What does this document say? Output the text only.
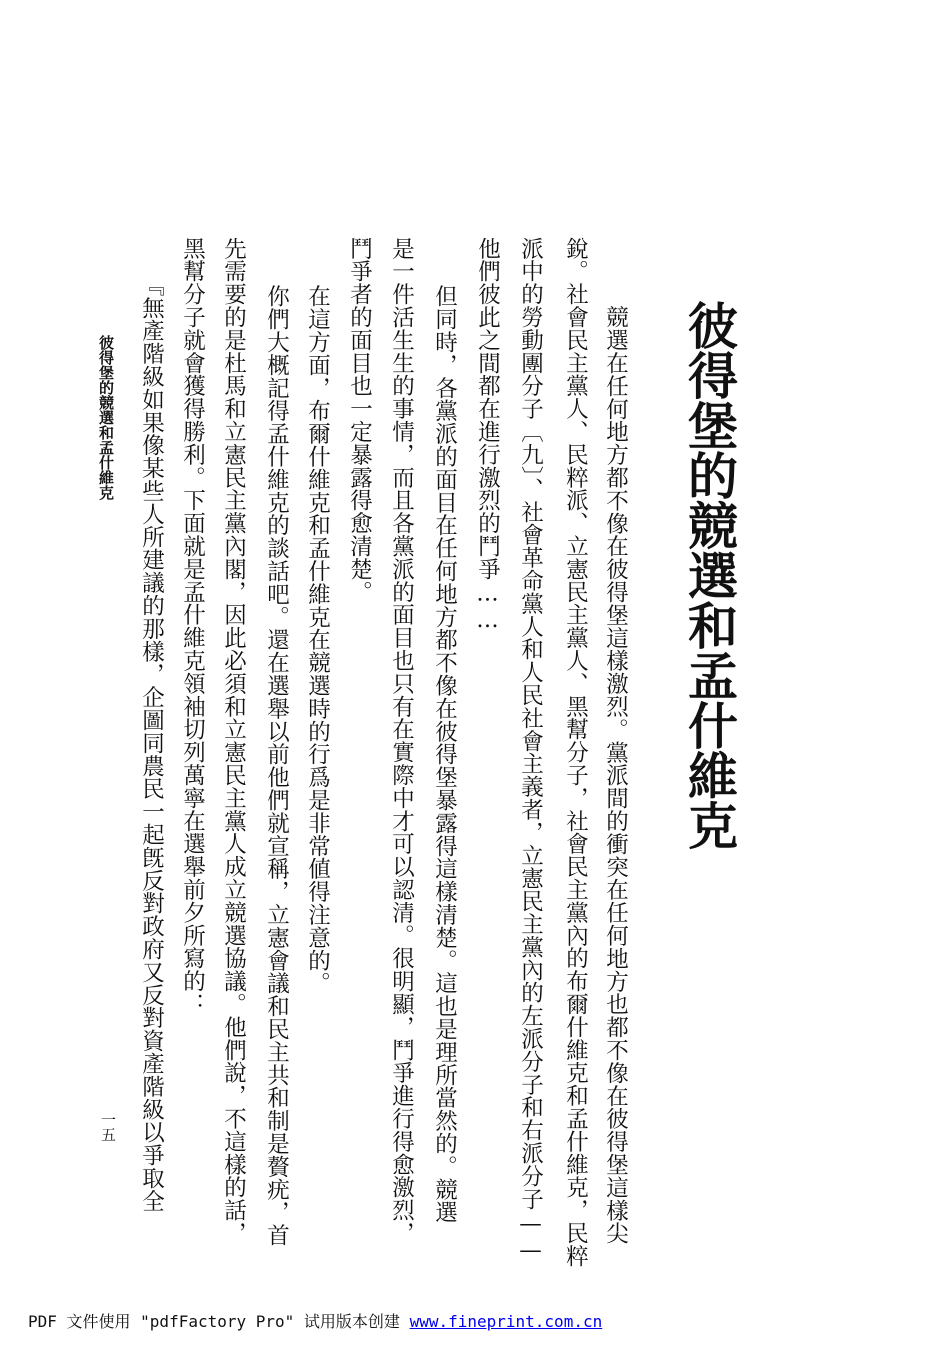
彼得堡的競選和孟什維克
　競選在任何地方都不像在彼得堡這樣激烈。黨派間的衝突在任何地方也都不像在彼得堡這樣尖
銳。社會民主黨人、民粹派、立憲民主黨人、黑幫分子，社會民主黨內的布爾什維克和孟什維克，民粹
派中的勞動團分子〔九〕、社會革命黨人和人民社會主義者，立憲民主黨內的左派分子和右派分子——
他們彼此之間都在進行激烈的鬥爭……
　但同時，各黨派的面目在任何地方都不像在彼得堡暴露得這樣清楚。這也是理所當然的。競選
是一件活生生的事情，而且各黨派的面目也只有在實際中才可以認清。很明顯，鬥爭進行得愈激烈，
鬥爭者的面目也一定暴露得愈清楚。
　在這方面，布爾什維克和孟什維克在競選時的行爲是非常値得注意的。
　你們大概記得孟什維克的談話吧。還在選舉以前他們就宣稱，立憲會議和民主共和制是贅疣，首
先需要的是杜馬和立憲民主黨內閣，因此必須和立憲民主黨人成立競選協議。他們說，不這樣的話，
黑幫分子就會獲得勝利。下面就是孟什維克領袖切列萬寧在選舉前夕所寫的：
　『無產階級如果像某些人所建議的那樣，企圖同農民一起旣反對政府又反對資產階級以爭取全
彼得堡的競選和孟什維克
一五
PDF 文件使用 "pdfFactory Pro" 试用版本创建 www.fineprint.com.cn
